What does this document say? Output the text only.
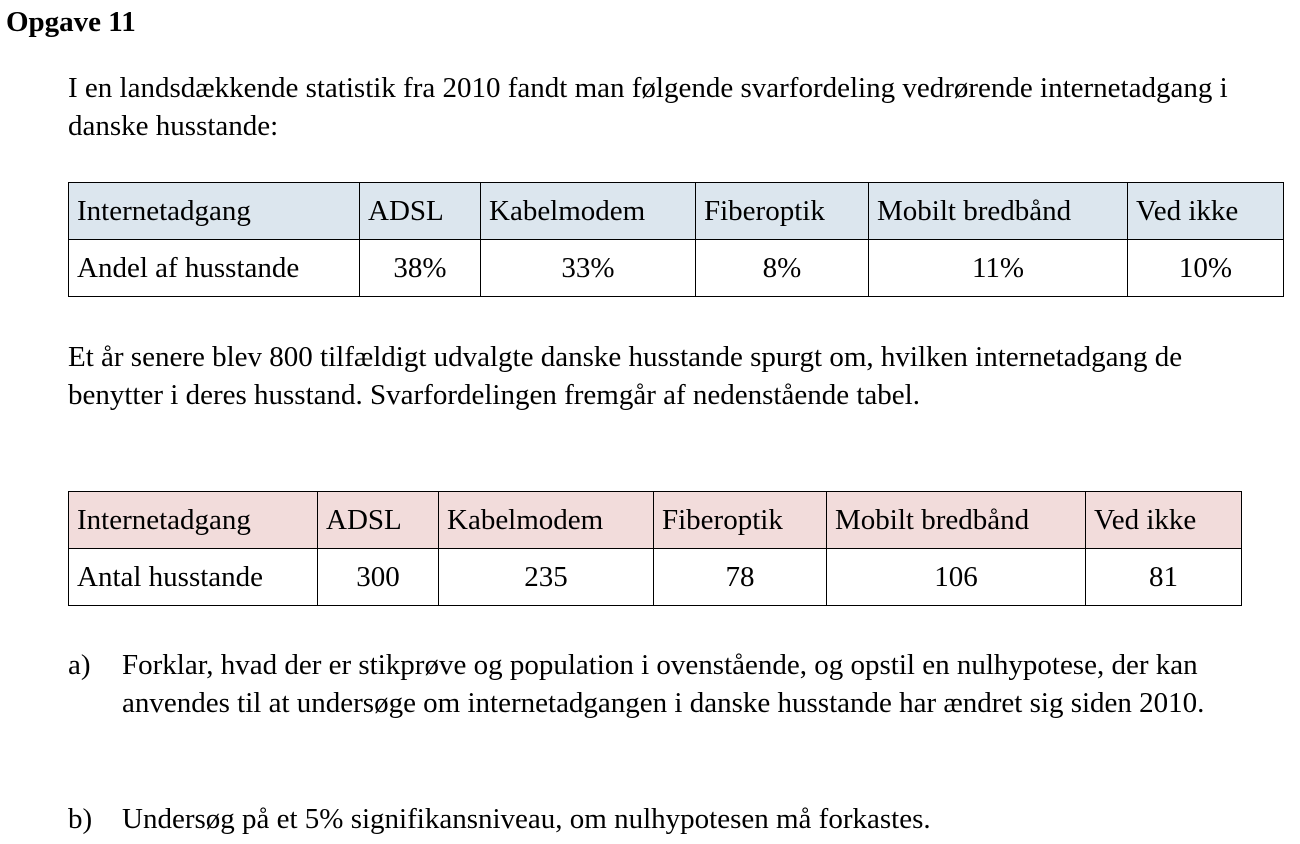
Opgave 11

I en landsdækkende statistik fra 2010 fandt man følgende svarfordeling vedrørende internetadgang i danske husstande:

Internetadgang	ADSL	Kabelmodem	Fiberoptik	Mobilt bredbånd	Ved ikke
Andel af husstande	38%	33%	8%	11%	10%

Et år senere blev 800 tilfældigt udvalgte danske husstande spurgt om, hvilken internetadgang de benytter i deres husstand. Svarfordelingen fremgår af nedenstående tabel.

Internetadgang	ADSL	Kabelmodem	Fiberoptik	Mobilt bredbånd	Ved ikke
Antal husstande	300	235	78	106	81
a) Forklar, hvad der er stikprøve og population i ovenstående, og opstil en nulhypotese, der kan anvendes til at undersøge om internetadgangen i danske husstande har ændret sig siden 2010.
b) Undersøg på et 5% signifikansniveau, om nulhypotesen må forkastes.
